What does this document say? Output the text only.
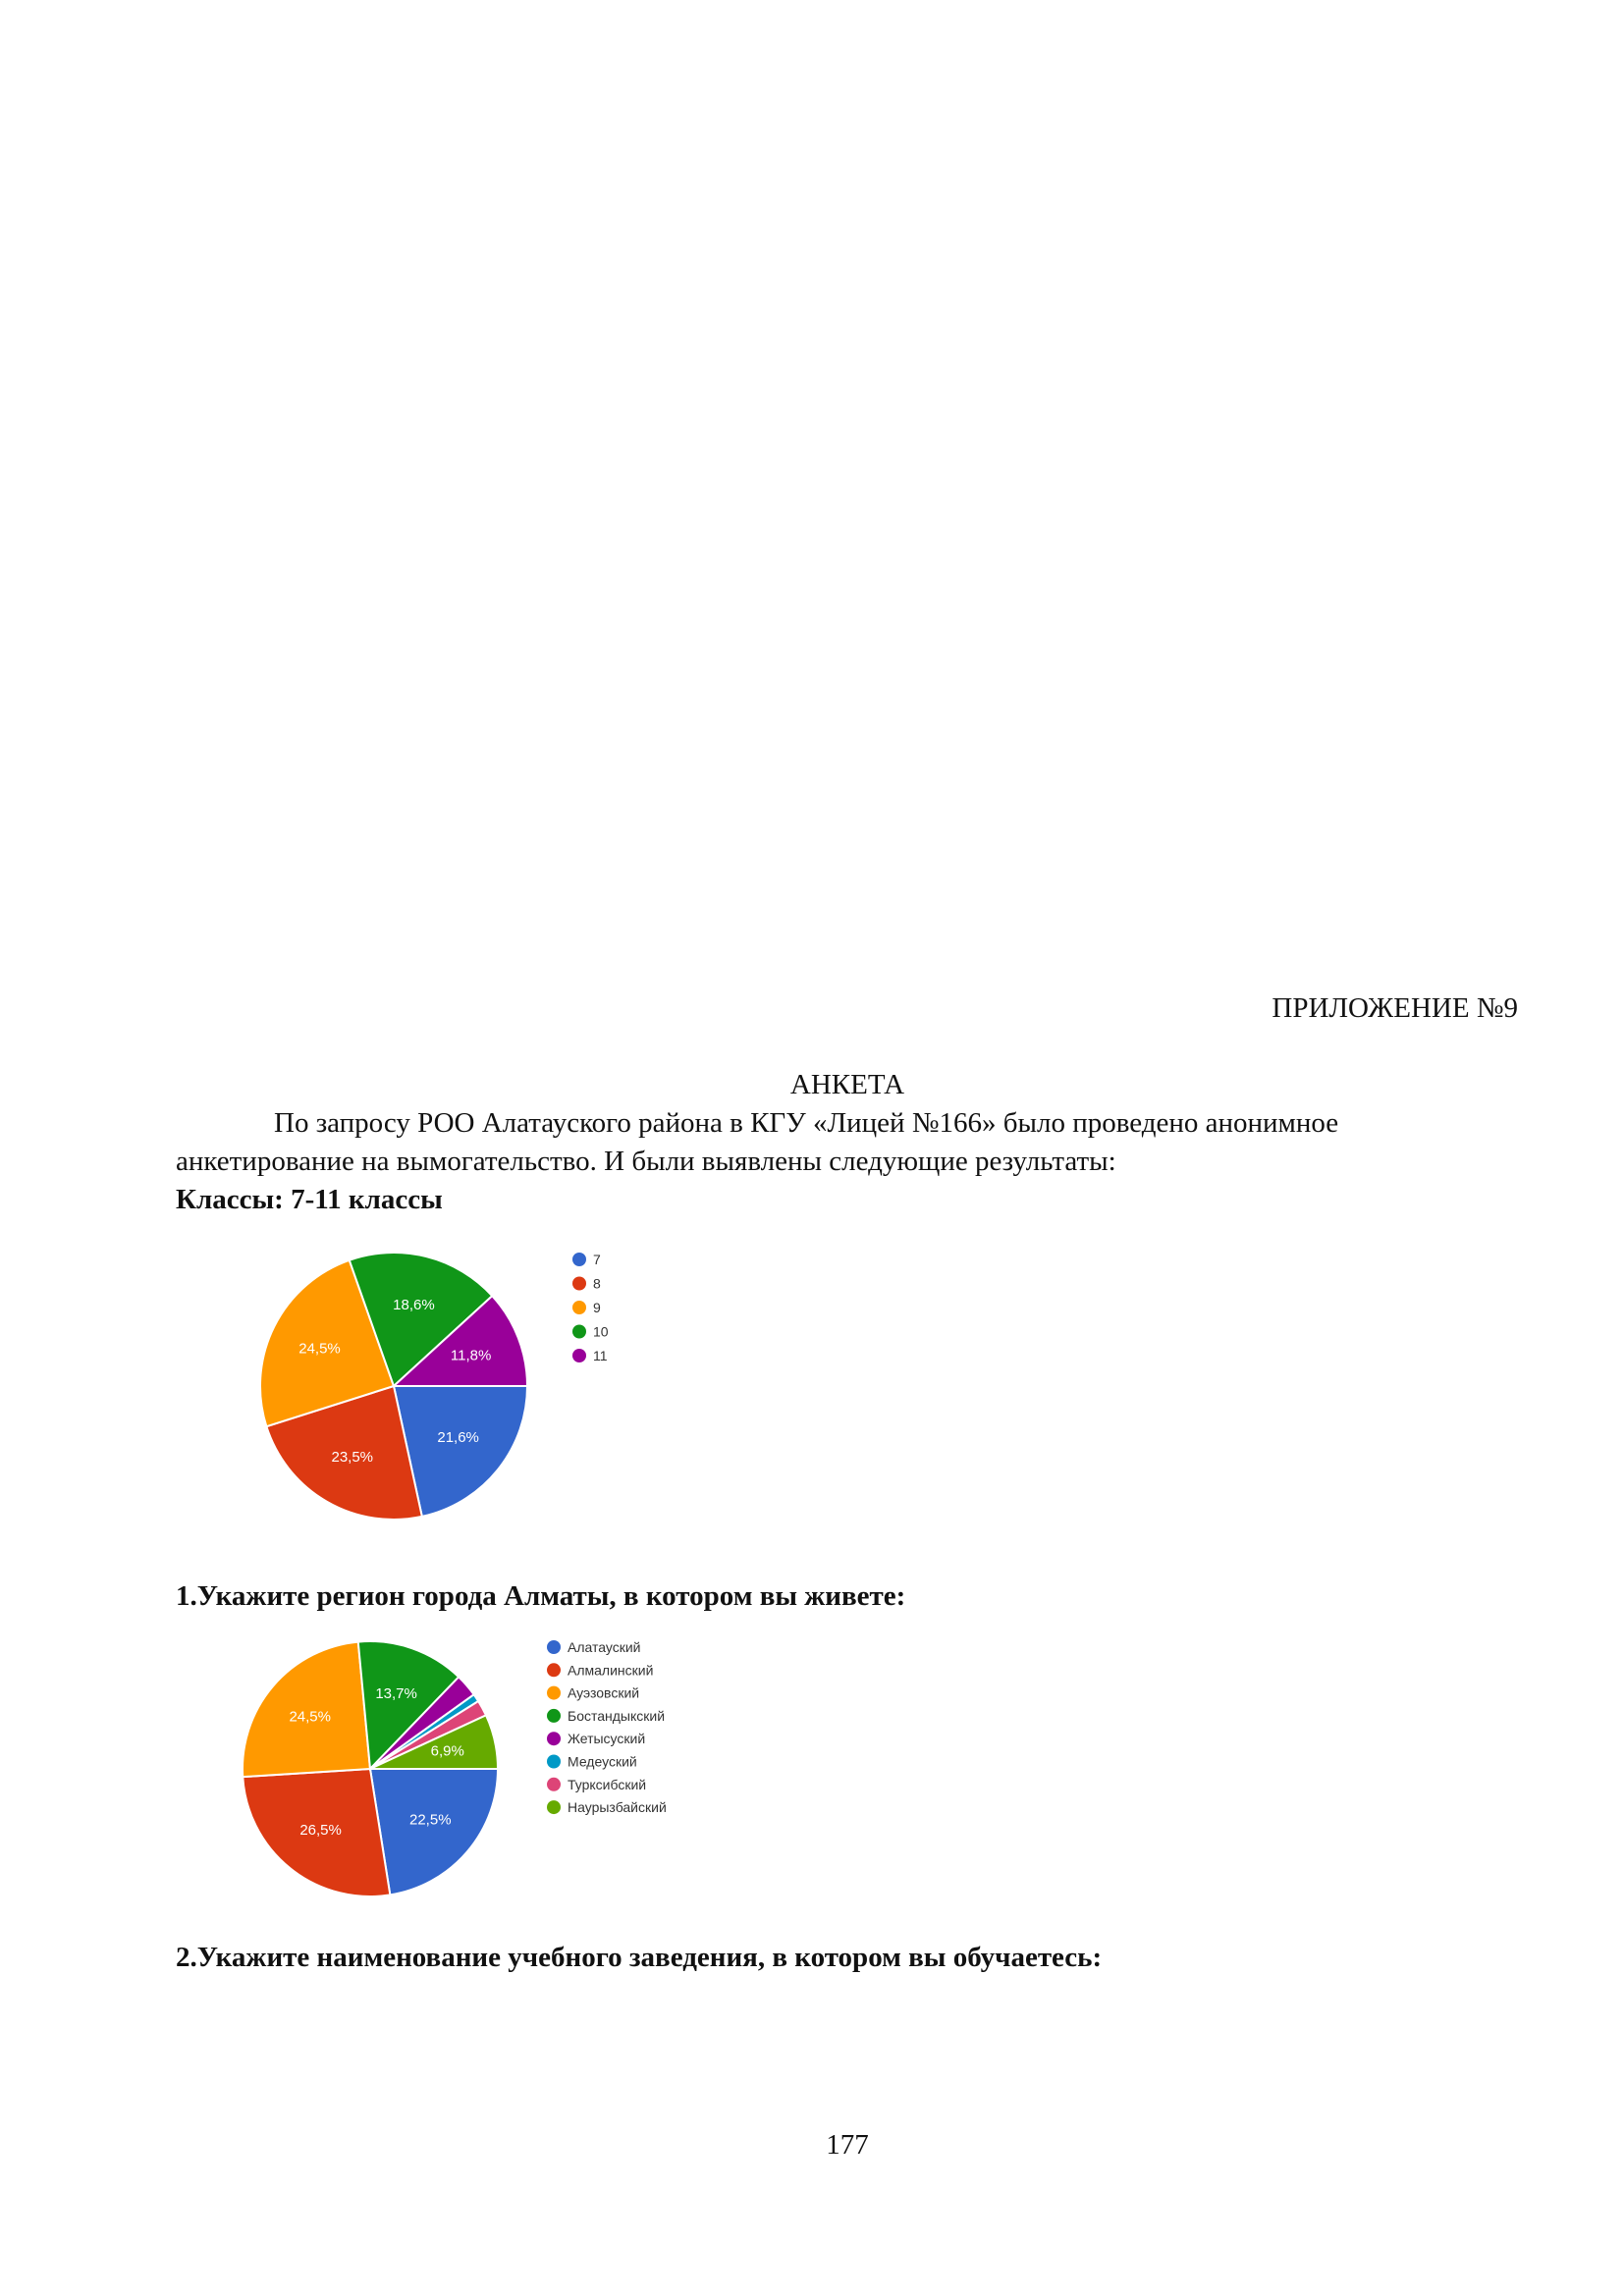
ПРИЛОЖЕНИЕ №9
АНКЕТА
По запросу РОО Алатауского района в КГУ «Лицей №166» было проведено анонимное
анкетирование на вымогательство. И были выявлены следующие результаты:
Классы: 7-11 классы
1.Укажите регион города Алматы, в котором вы живете:
2.Укажите наименование учебного заведения, в котором вы обучаетесь:
177
21,6%
23,5%
24,5%
18,6%
11,8%
7
8
9
10
11
22,5%
26,5%
24,5%
13,7%
6,9%
Алатауский
Алмалинский
Ауэзовский
Бостандыкский
Жетысуский
Медеуский
Турксибский
Наурызбайский
